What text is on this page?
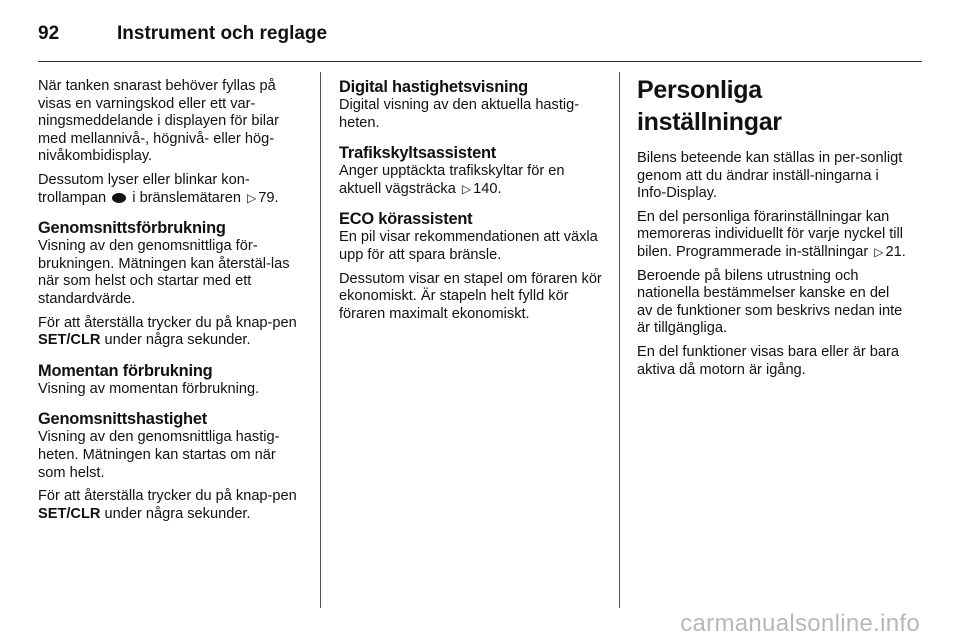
92	Instrument och reglage

När tanken snarast behöver fyllas på visas en varningskod eller ett var-ningsmeddelande i displayen för bilar med mellannivå-, högnivå- eller hög-nivåkombidisplay.

Dessutom lyser eller blinkar kon-trollampan i bränslemätaren ▷ 79.

Genomsnittsförbrukning

Visning av den genomsnittliga för-brukningen. Mätningen kan återstäl-las när som helst och startar med ett standardvärde.

För att återställa trycker du på knap-pen SET/CLR under några sekunder.

Momentan förbrukning

Visning av momentan förbrukning.

Genomsnittshastighet

Visning av den genomsnittliga hastig-heten. Mätningen kan startas om när som helst.

För att återställa trycker du på knap-pen SET/CLR under några sekunder.

Digital hastighetsvisning

Digital visning av den aktuella hastig-heten.

Trafikskyltsassistent

Anger upptäckta trafikskyltar för en aktuell vägsträcka ▷ 140.

ECO körassistent

En pil visar rekommendationen att växla upp för att spara bränsle.

Dessutom visar en stapel om föraren kör ekonomiskt. Är stapeln helt fylld kör föraren maximalt ekonomiskt.

Personliga inställningar

Bilens beteende kan ställas in per-sonligt genom att du ändrar inställ-ningarna i Info-Display.

En del personliga förarinställningar kan memoreras individuellt för varje nyckel till bilen. Programmerade in-ställningar ▷ 21.

Beroende på bilens utrustning och nationella bestämmelser kanske en del av de funktioner som beskrivs nedan inte är tillgängliga.

En del funktioner visas bara eller är bara aktiva då motorn är igång.

carmanualsonline.info
